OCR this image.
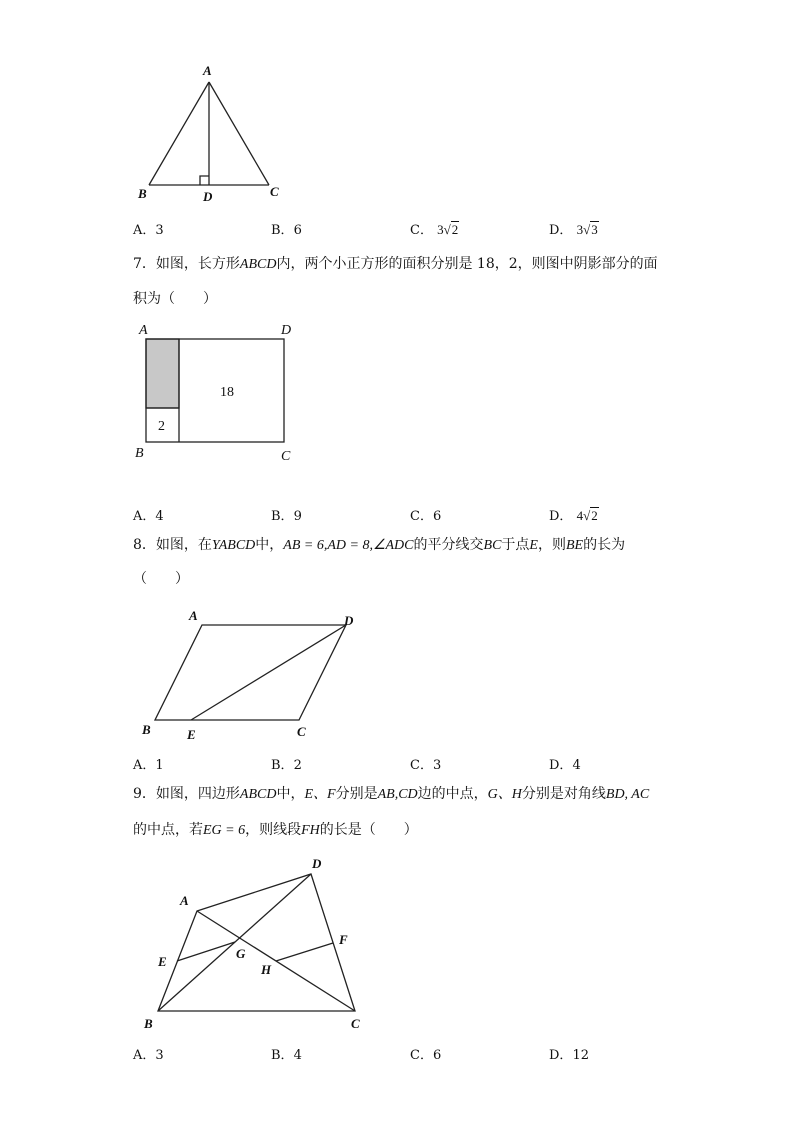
A
B	D	C
A．3	B．6	C． 3√2	D． 3√3
7．如图，长方形ABCD内，两个小正方形的面积分别是 18，2，则图中阴影部分的面
积为（　　）
18
2
A	D
B	C
A．4	B．9	C．6	D． 4√2
8．如图，在YABCD中，AB = 6,AD = 8,∠ADC的平分线交BC于点E，则BE的长为
（　　）
A	D
B	E	C
A．1	B．2	C．3	D．4
9．如图，四边形ABCD中，E、F分别是AB,CD边的中点，G、H分别是对角线BD, AC
的中点，若EG = 6，则线段FH的长是（　　）
A
D
E
G
H
F
B	C
A．3	B．4	C．6	D．12
